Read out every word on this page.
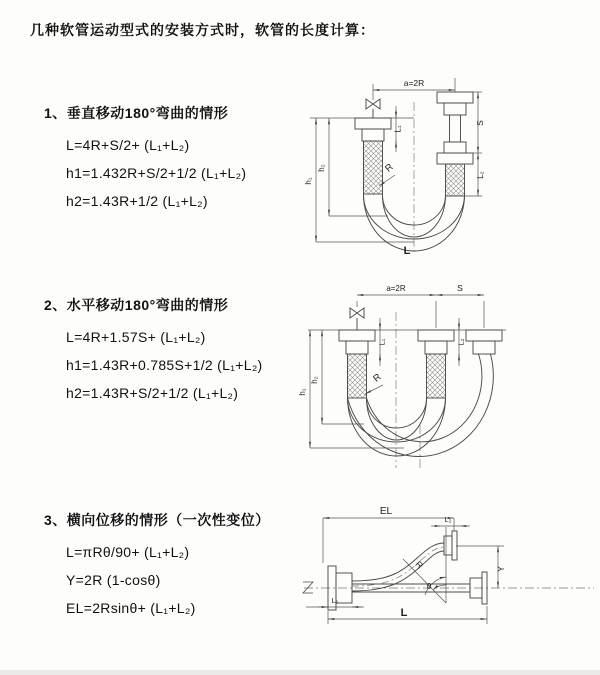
几种软管运动型式的安装方式时，软管的长度计算：
1、垂直移动180°弯曲的情形
L=4R+S/2+ (L₁+L₂)
h1=1.432R+S/2+1/2 (L₁+L₂)
h2=1.43R+1/2 (L₁+L₂)
a=2R
L₁
S
L₂
h₁
h₂	R
L
2、水平移动180°弯曲的情形
L=4R+1.57S+ (L₁+L₂)
h1=1.43R+0.785S+1/2 (L₁+L₂)
h2=1.43R+S/2+1/2 (L₁+L₂)
a=2R	S
h₁
h₂
L₁	L₂
R
3、横向位移的情形（一次性变位）
L=πRθ/90+ (L₁+L₂)
Y=2R (1-cosθ)
EL=2Rsinθ+ (L₁+L₂)
EL
L₂
Y
R
θ
L
L₁
